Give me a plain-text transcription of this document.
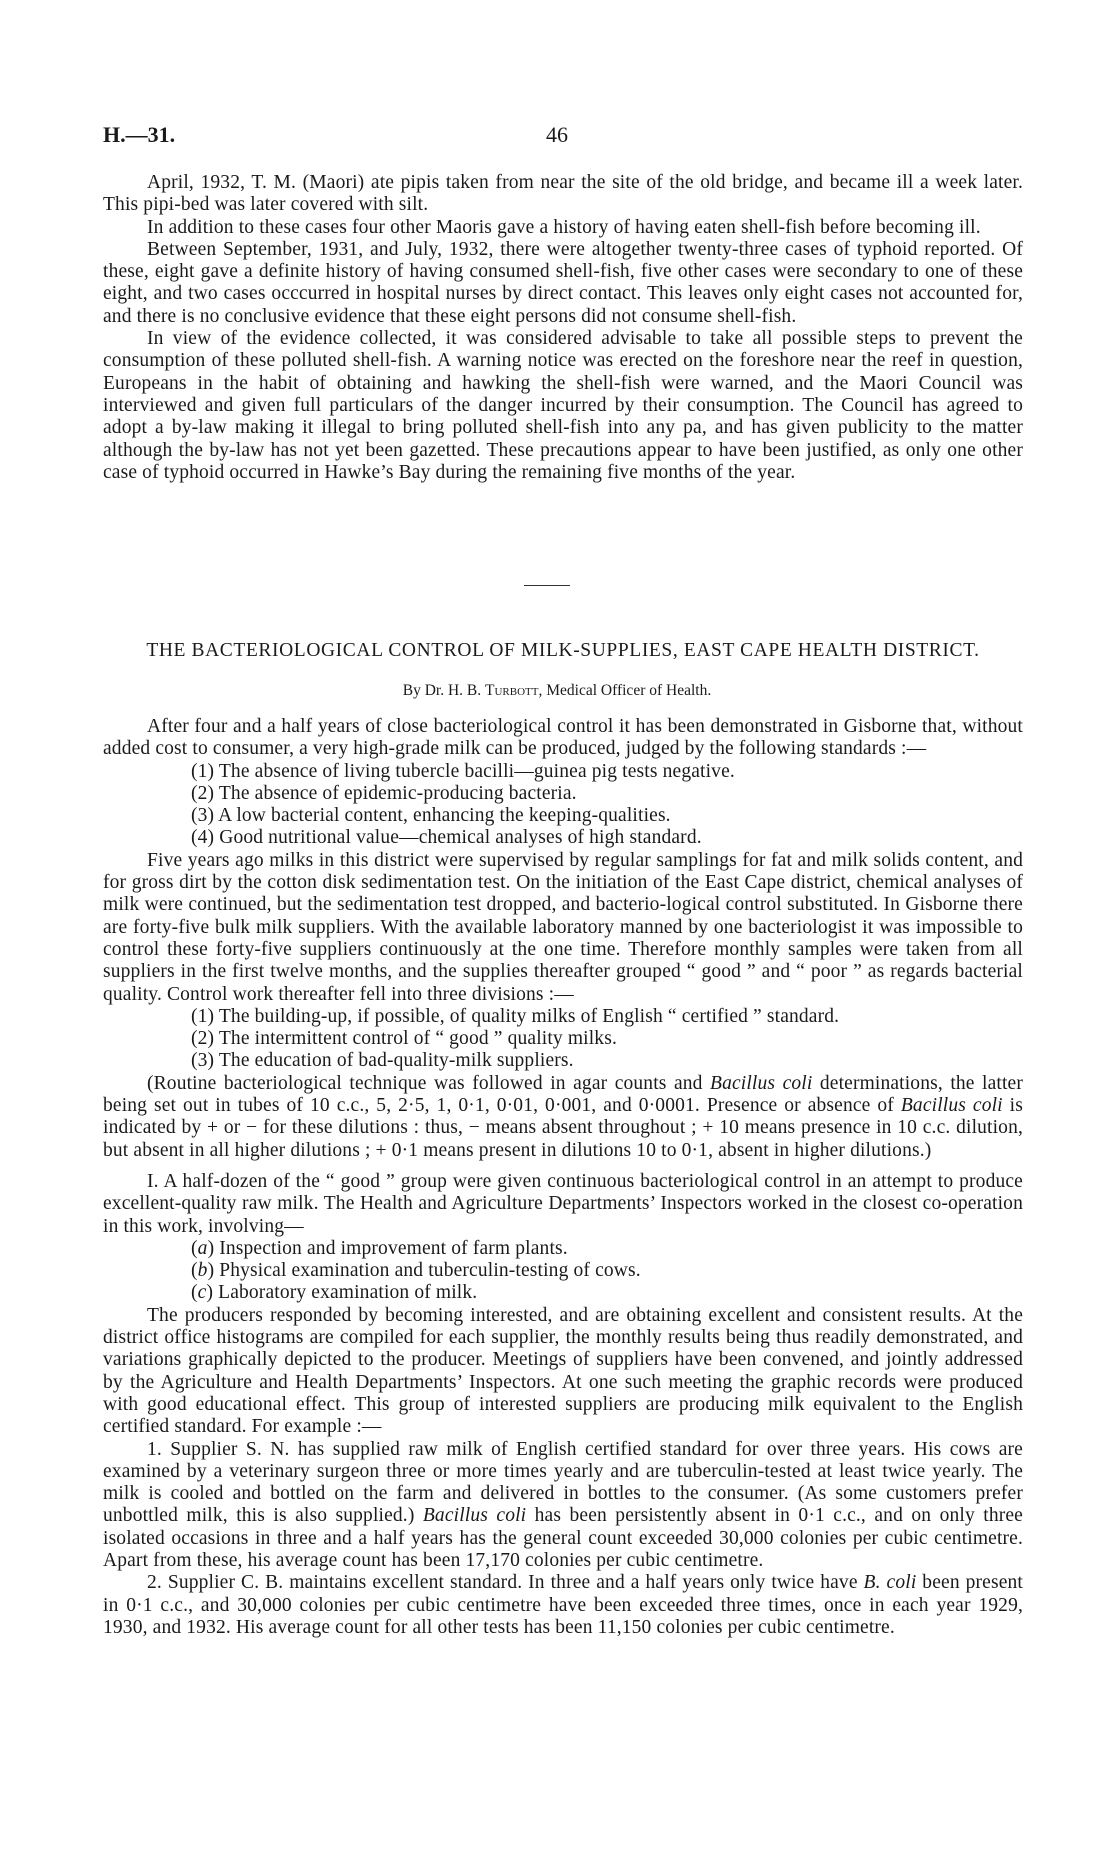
H.—31.	46

April, 1932, T. M. (Maori) ate pipis taken from near the site of the old bridge, and became ill a week later. This pipi-bed was later covered with silt.

In addition to these cases four other Maoris gave a history of having eaten shell-fish before becoming ill.

Between September, 1931, and July, 1932, there were altogether twenty-three cases of typhoid reported. Of these, eight gave a definite history of having consumed shell-fish, five other cases were secondary to one of these eight, and two cases occcurred in hospital nurses by direct contact. This leaves only eight cases not accounted for, and there is no conclusive evidence that these eight persons did not consume shell-fish.

In view of the evidence collected, it was considered advisable to take all possible steps to prevent the consumption of these polluted shell-fish. A warning notice was erected on the foreshore near the reef in question, Europeans in the habit of obtaining and hawking the shell-fish were warned, and the Maori Council was interviewed and given full particulars of the danger incurred by their consumption. The Council has agreed to adopt a by-law making it illegal to bring polluted shell-fish into any pa, and has given publicity to the matter although the by-law has not yet been gazetted. These precautions appear to have been justified, as only one other case of typhoid occurred in Hawke’s Bay during the remaining five months of the year.

THE BACTERIOLOGICAL CONTROL OF MILK-SUPPLIES, EAST CAPE HEALTH DISTRICT.
By Dr. H. B. Turbott, Medical Officer of Health.

After four and a half years of close bacteriological control it has been demonstrated in Gisborne that, without added cost to consumer, a very high-grade milk can be produced, judged by the following standards :—

(1) The absence of living tubercle bacilli—guinea pig tests negative.

(2) The absence of epidemic-producing bacteria.

(3) A low bacterial content, enhancing the keeping-qualities.

(4) Good nutritional value—chemical analyses of high standard.

Five years ago milks in this district were supervised by regular samplings for fat and milk solids content, and for gross dirt by the cotton disk sedimentation test. On the initiation of the East Cape district, chemical analyses of milk were continued, but the sedimentation test dropped, and bacterio-logical control substituted. In Gisborne there are forty-five bulk milk suppliers. With the available laboratory manned by one bacteriologist it was impossible to control these forty-five suppliers continuously at the one time. Therefore monthly samples were taken from all suppliers in the first twelve months, and the supplies thereafter grouped “ good ” and “ poor ” as regards bacterial quality. Control work thereafter fell into three divisions :—

(1) The building-up, if possible, of quality milks of English “ certified ” standard.

(2) The intermittent control of “ good ” quality milks.

(3) The education of bad-quality-milk suppliers.

(Routine bacteriological technique was followed in agar counts and Bacillus coli determinations, the latter being set out in tubes of 10 c.c., 5, 2·5, 1, 0·1, 0·01, 0·001, and 0·0001. Presence or absence of Bacillus coli is indicated by + or − for these dilutions : thus, − means absent throughout ; + 10 means presence in 10 c.c. dilution, but absent in all higher dilutions ; + 0·1 means present in dilutions 10 to 0·1, absent in higher dilutions.)

I. A half-dozen of the “ good ” group were given continuous bacteriological control in an attempt to produce excellent-quality raw milk. The Health and Agriculture Departments’ Inspectors worked in the closest co-operation in this work, involving—

(a) Inspection and improvement of farm plants.

(b) Physical examination and tuberculin-testing of cows.

(c) Laboratory examination of milk.

The producers responded by becoming interested, and are obtaining excellent and consistent results. At the district office histograms are compiled for each supplier, the monthly results being thus readily demonstrated, and variations graphically depicted to the producer. Meetings of suppliers have been convened, and jointly addressed by the Agriculture and Health Departments’ Inspectors. At one such meeting the graphic records were produced with good educational effect. This group of interested suppliers are producing milk equivalent to the English certified standard. For example :—

1. Supplier S. N. has supplied raw milk of English certified standard for over three years. His cows are examined by a veterinary surgeon three or more times yearly and are tuberculin-tested at least twice yearly. The milk is cooled and bottled on the farm and delivered in bottles to the consumer. (As some customers prefer unbottled milk, this is also supplied.) Bacillus coli has been persistently absent in 0·1 c.c., and on only three isolated occasions in three and a half years has the general count exceeded 30,000 colonies per cubic centimetre. Apart from these, his average count has been 17,170 colonies per cubic centimetre.

2. Supplier C. B. maintains excellent standard. In three and a half years only twice have B. coli been present in 0·1 c.c., and 30,000 colonies per cubic centimetre have been exceeded three times, once in each year 1929, 1930, and 1932. His average count for all other tests has been 11,150 colonies per cubic centimetre.
